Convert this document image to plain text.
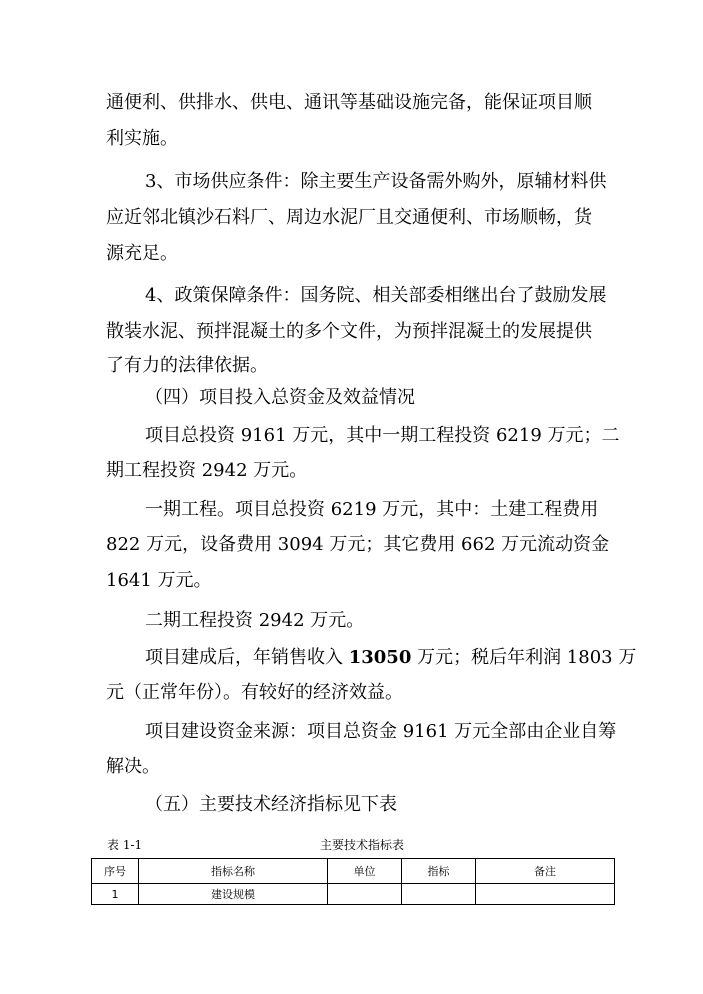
通便利、供排水、供电、通讯等基础设施完备，能保证项目顺
利实施。
3、市场供应条件：除主要生产设备需外购外，原辅材料供
应近邻北镇沙石料厂、周边水泥厂且交通便利、市场顺畅，货
源充足。
4、政策保障条件：国务院、相关部委相继出台了鼓励发展
散装水泥、预拌混凝土的多个文件，为预拌混凝土的发展提供
了有力的法律依据。
（四）项目投入总资金及效益情况
项目总投资 9161 万元，其中一期工程投资 6219 万元；二
期工程投资 2942 万元。
一期工程。项目总投资 6219 万元，其中：土建工程费用
822 万元，设备费用 3094 万元；其它费用 662 万元流动资金
1641 万元。
二期工程投资 2942 万元。
项目建成后，年销售收入 13050 万元；税后年利润 1803 万
元（正常年份）。有较好的经济效益。
项目建设资金来源：项目总资金 9161 万元全部由企业自筹
解决。
（五）主要技术经济指标见下表
表 1-1	主要技术指标表
序号	指标名称	单位	指标	备注
1	建设规模			
